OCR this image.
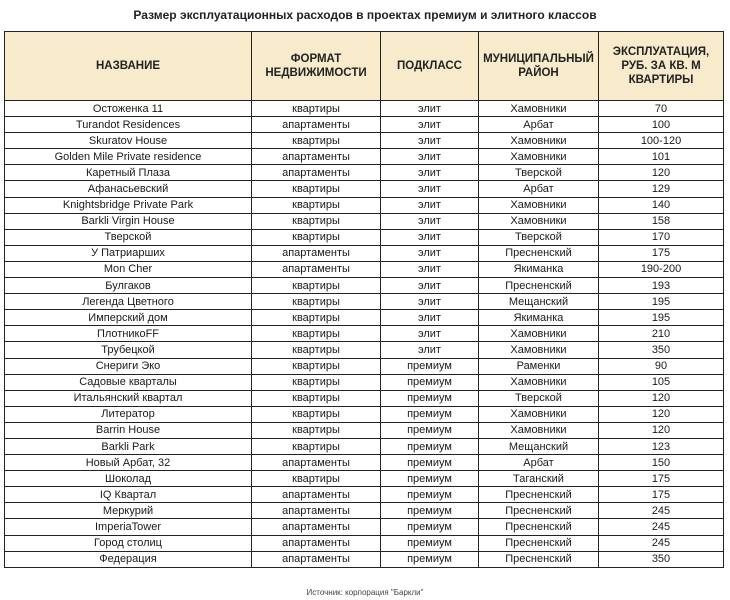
Размер эксплуатационных расходов в проектах премиум и элитного классов
НАЗВАНИЕ	ФОРМАТ НЕДВИЖИМОСТИ	ПОДКЛАСС	МУНИЦИПАЛЬНЫЙ РАЙОН	ЭКСПЛУАТАЦИЯ, РУБ. ЗА КВ. М КВАРТИРЫ
Остоженка 11	квартиры	элит	Хамовники	70
Turandot Residences	апартаменты	элит	Арбат	100
Skuratov House	квартиры	элит	Хамовники	100-120
Golden Mile Private residence	апартаменты	элит	Хамовники	101
Каретный Плаза	апартаменты	элит	Тверской	120
Афанасьевский	квартиры	элит	Арбат	129
Knightsbridge Private Park	квартиры	элит	Хамовники	140
Barkli Virgin House	квартиры	элит	Хамовники	158
Тверской	квартиры	элит	Тверской	170
У Патриарших	апартаменты	элит	Пресненский	175
Mon Cher	апартаменты	элит	Якиманка	190-200
Булгаков	квартиры	элит	Пресненский	193
Легенда Цветного	квартиры	элит	Мещанский	195
Имперский дом	квартиры	элит	Якиманка	195
ПлотникоFF	квартиры	элит	Хамовники	210
Трубецкой	квартиры	элит	Хамовники	350
Снериги Эко	квартиры	премиум	Раменки	90
Садовые кварталы	квартиры	премиум	Хамовники	105
Итальянский квартал	квартиры	премиум	Тверской	120
Литератор	квартиры	премиум	Хамовники	120
Barrin House	квартиры	премиум	Хамовники	120
Barkli Park	квартиры	премиум	Мещанский	123
Новый Арбат, 32	апартаменты	премиум	Арбат	150
Шоколад	квартиры	премиум	Таганский	175
IQ Квартал	апартаменты	премиум	Пресненский	175
Меркурий	апартаменты	премиум	Пресненский	245
ImperiaTower	апартаменты	премиум	Пресненский	245
Город столиц	апартаменты	премиум	Пресненский	245
Федерация	апартаменты	премиум	Пресненский	350
Источник: корпорация "Баркли"
